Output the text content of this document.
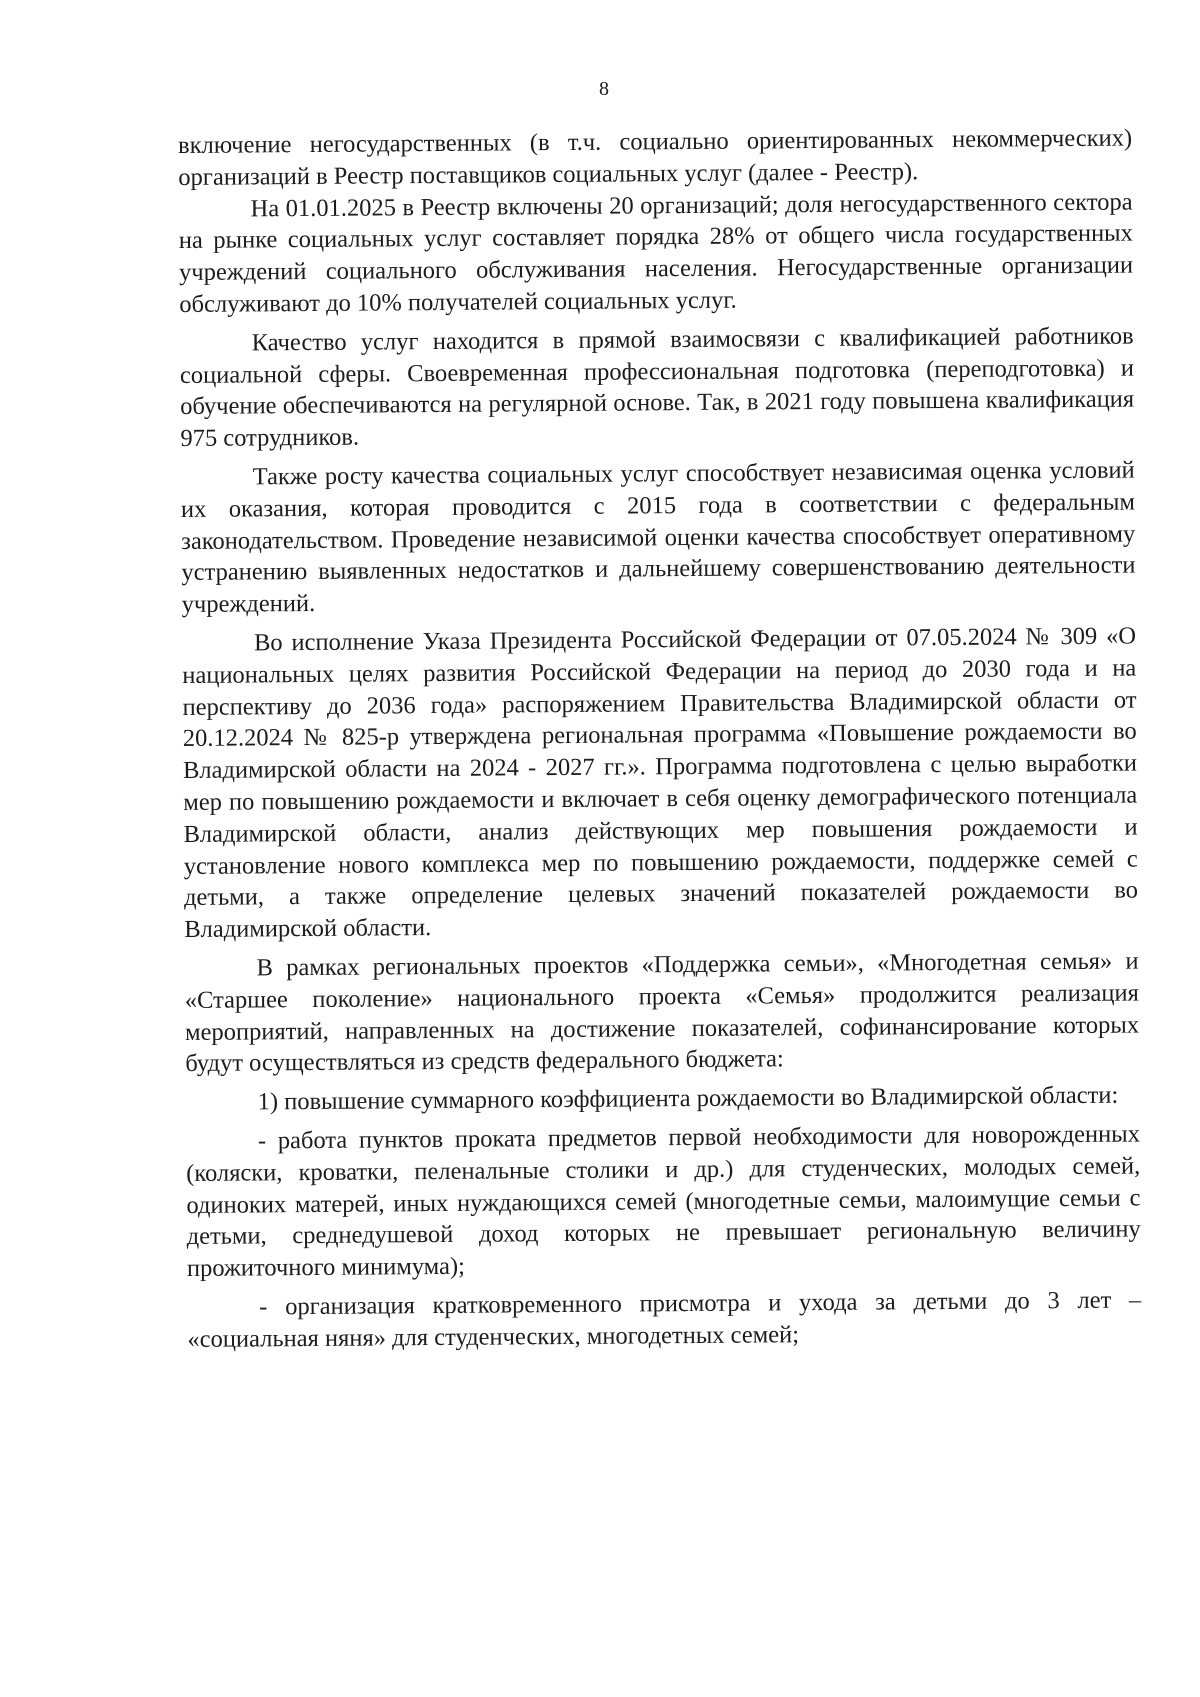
8

включение негосударственных (в т.ч. социально ориентированных некоммерческих) организаций в Реестр поставщиков социальных услуг (далее - Реестр).

На 01.01.2025 в Реестр включены 20 организаций; доля негосударственного сектора на рынке социальных услуг составляет порядка 28% от общего числа государственных учреждений социального обслуживания населения. Негосударственные организации обслуживают до 10% получателей социальных услуг.

Качество услуг находится в прямой взаимосвязи с квалификацией работников социальной сферы. Своевременная профессиональная подготовка (переподготовка) и обучение обеспечиваются на регулярной основе. Так, в 2021 году повышена квалификация 975 сотрудников.

Также росту качества социальных услуг способствует независимая оценка условий их оказания, которая проводится с 2015 года в соответствии с федеральным законодательством. Проведение независимой оценки качества способствует оперативному устранению выявленных недостатков и дальнейшему совершенствованию деятельности учреждений.

Во исполнение Указа Президента Российской Федерации от 07.05.2024 № 309 «О национальных целях развития Российской Федерации на период до 2030 года и на перспективу до 2036 года» распоряжением Правительства Владимирской области от 20.12.2024 № 825-р утверждена региональная программа «Повышение рождаемости во Владимирской области на 2024 - 2027 гг.». Программа подготовлена с целью выработки мер по повышению рождаемости и включает в себя оценку демографического потенциала Владимирской области, анализ действующих мер повышения рождаемости и установление нового комплекса мер по повышению рождаемости, поддержке семей с детьми, а также определение целевых значений показателей рождаемости во Владимирской области.

В рамках региональных проектов «Поддержка семьи», «Многодетная семья» и «Старшее поколение» национального проекта «Семья» продолжится реализация мероприятий, направленных на достижение показателей, софинансирование которых будут осуществляться из средств федерального бюджета:

1) повышение суммарного коэффициента рождаемости во Владимирской области:

- работа пунктов проката предметов первой необходимости для новорожденных (коляски, кроватки, пеленальные столики и др.) для студенческих, молодых семей, одиноких матерей, иных нуждающихся семей (многодетные семьи, малоимущие семьи с детьми, среднедушевой доход которых не превышает региональную величину прожиточного минимума);

- организация кратковременного присмотра и ухода за детьми до 3 лет – «социальная няня» для студенческих, многодетных семей;
